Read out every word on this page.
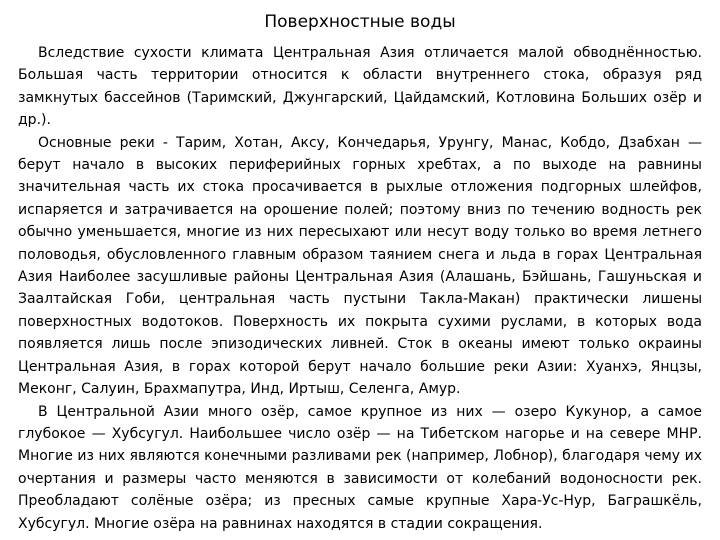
Поверхностные воды

Вследствие сухости климата Центральная Азия отличается малой обводнённостью. Большая часть территории относится к области внутреннего стока, образуя ряд замкнутых бассейнов (Таримский, Джунгарский, Цайдамский, Котловина Больших озёр и др.).

Основные реки - Тарим, Хотан, Аксу, Кончедарья, Урунгу, Манас, Кобдо, Дзабхан — берут начало в высоких периферийных горных хребтах, а по выходе на равнины значительная часть их стока просачивается в рыхлые отложения подгорных шлейфов, испаряется и затрачивается на орошение полей; поэтому вниз по течению водность рек обычно уменьшается, многие из них пересыхают или несут воду только во время летнего половодья, обусловленного главным образом таянием снега и льда в горах Центральная Азия Наиболее засушливые районы Центральная Азия (Алашань, Бэйшань, Гашуньская и Заалтайская Гоби, центральная часть пустыни Такла-Макан) практически лишены поверхностных водотоков. Поверхность их покрыта сухими руслами, в которых вода появляется лишь после эпизодических ливней. Сток в океаны имеют только окраины Центральная Азия, в горах которой берут начало большие реки Азии: Хуанхэ, Янцзы, Меконг, Салуин, Брахмапутра, Инд, Иртыш, Селенга, Амур.

В Центральной Азии много озёр, самое крупное из них — озеро Кукунор, а самое глубокое — Хубсугул. Наибольшее число озёр — на Тибетском нагорье и на севере МНР. Многие из них являются конечными разливами рек (например, Лобнор), благодаря чему их очертания и размеры часто меняются в зависимости от колебаний водоносности рек. Преобладают солёные озёра; из пресных самые крупные Хара-Ус-Нур, Баграшкёль, Хубсугул. Многие озёра на равнинах находятся в стадии сокращения.
